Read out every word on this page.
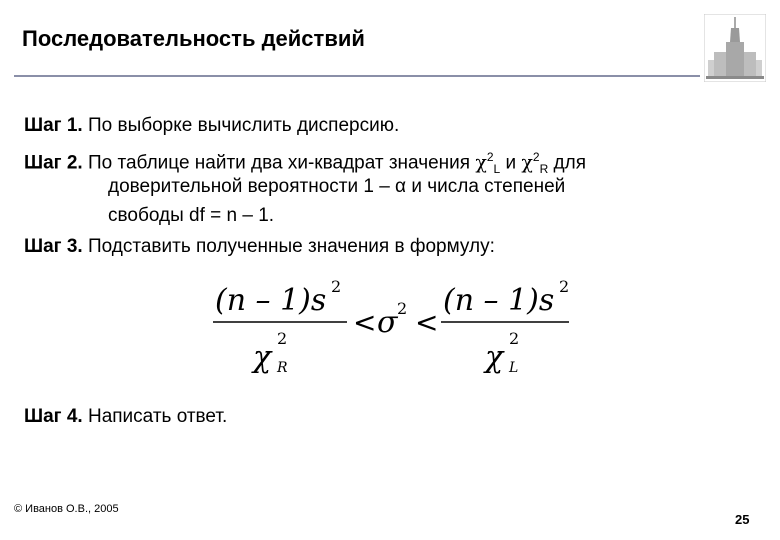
Последовательность действий
Шаг 1. По выборке вычислить дисперсию.
Шаг 2. По таблице найти два хи-квадрат значения $\chi^2_L$ и $\chi^2_R$ для
доверительной вероятности 1 – α и числа степеней
свободы df = n – 1.
Шаг 3. Подставить полученные значения в формулу:
(n – 1)s 2
χ
2
R
< σ 2 <
(n – 1)s 2
χ
2
L
Шаг 4. Написать ответ.
© Иванов О.В., 2005
25
